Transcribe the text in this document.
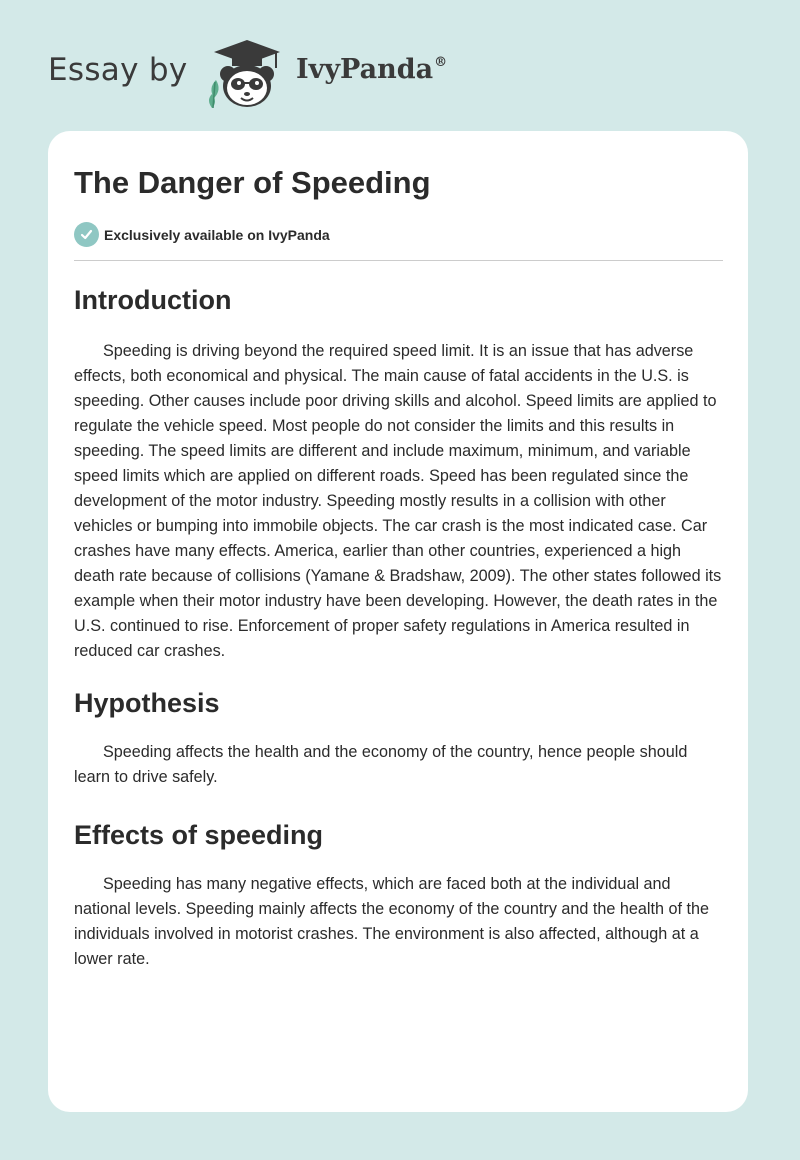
Essay by	IvyPanda®
The Danger of Speeding
Exclusively available on IvyPanda
Introduction

Speeding is driving beyond the required speed limit. It is an issue that has adverse effects, both economical and physical. The main cause of fatal accidents in the U.S. is speeding. Other causes include poor driving skills and alcohol. Speed limits are applied to regulate the vehicle speed. Most people do not consider the limits and this results in speeding. The speed limits are different and include maximum, minimum, and variable speed limits which are applied on different roads. Speed has been regulated since the development of the motor industry. Speeding mostly results in a collision with other vehicles or bumping into immobile objects. The car crash is the most indicated case. Car crashes have many effects. America, earlier than other countries, experienced a high death rate because of collisions (Yamane & Bradshaw, 2009). The other states followed its example when their motor industry have been developing. However, the death rates in the U.S. continued to rise. Enforcement of proper safety regulations in America resulted in reduced car crashes.

Hypothesis

Speeding affects the health and the economy of the country, hence people should learn to drive safely.

Effects of speeding

Speeding has many negative effects, which are faced both at the individual and national levels. Speeding mainly affects the economy of the country and the health of the individuals involved in motorist crashes. The environment is also affected, although at a lower rate.
